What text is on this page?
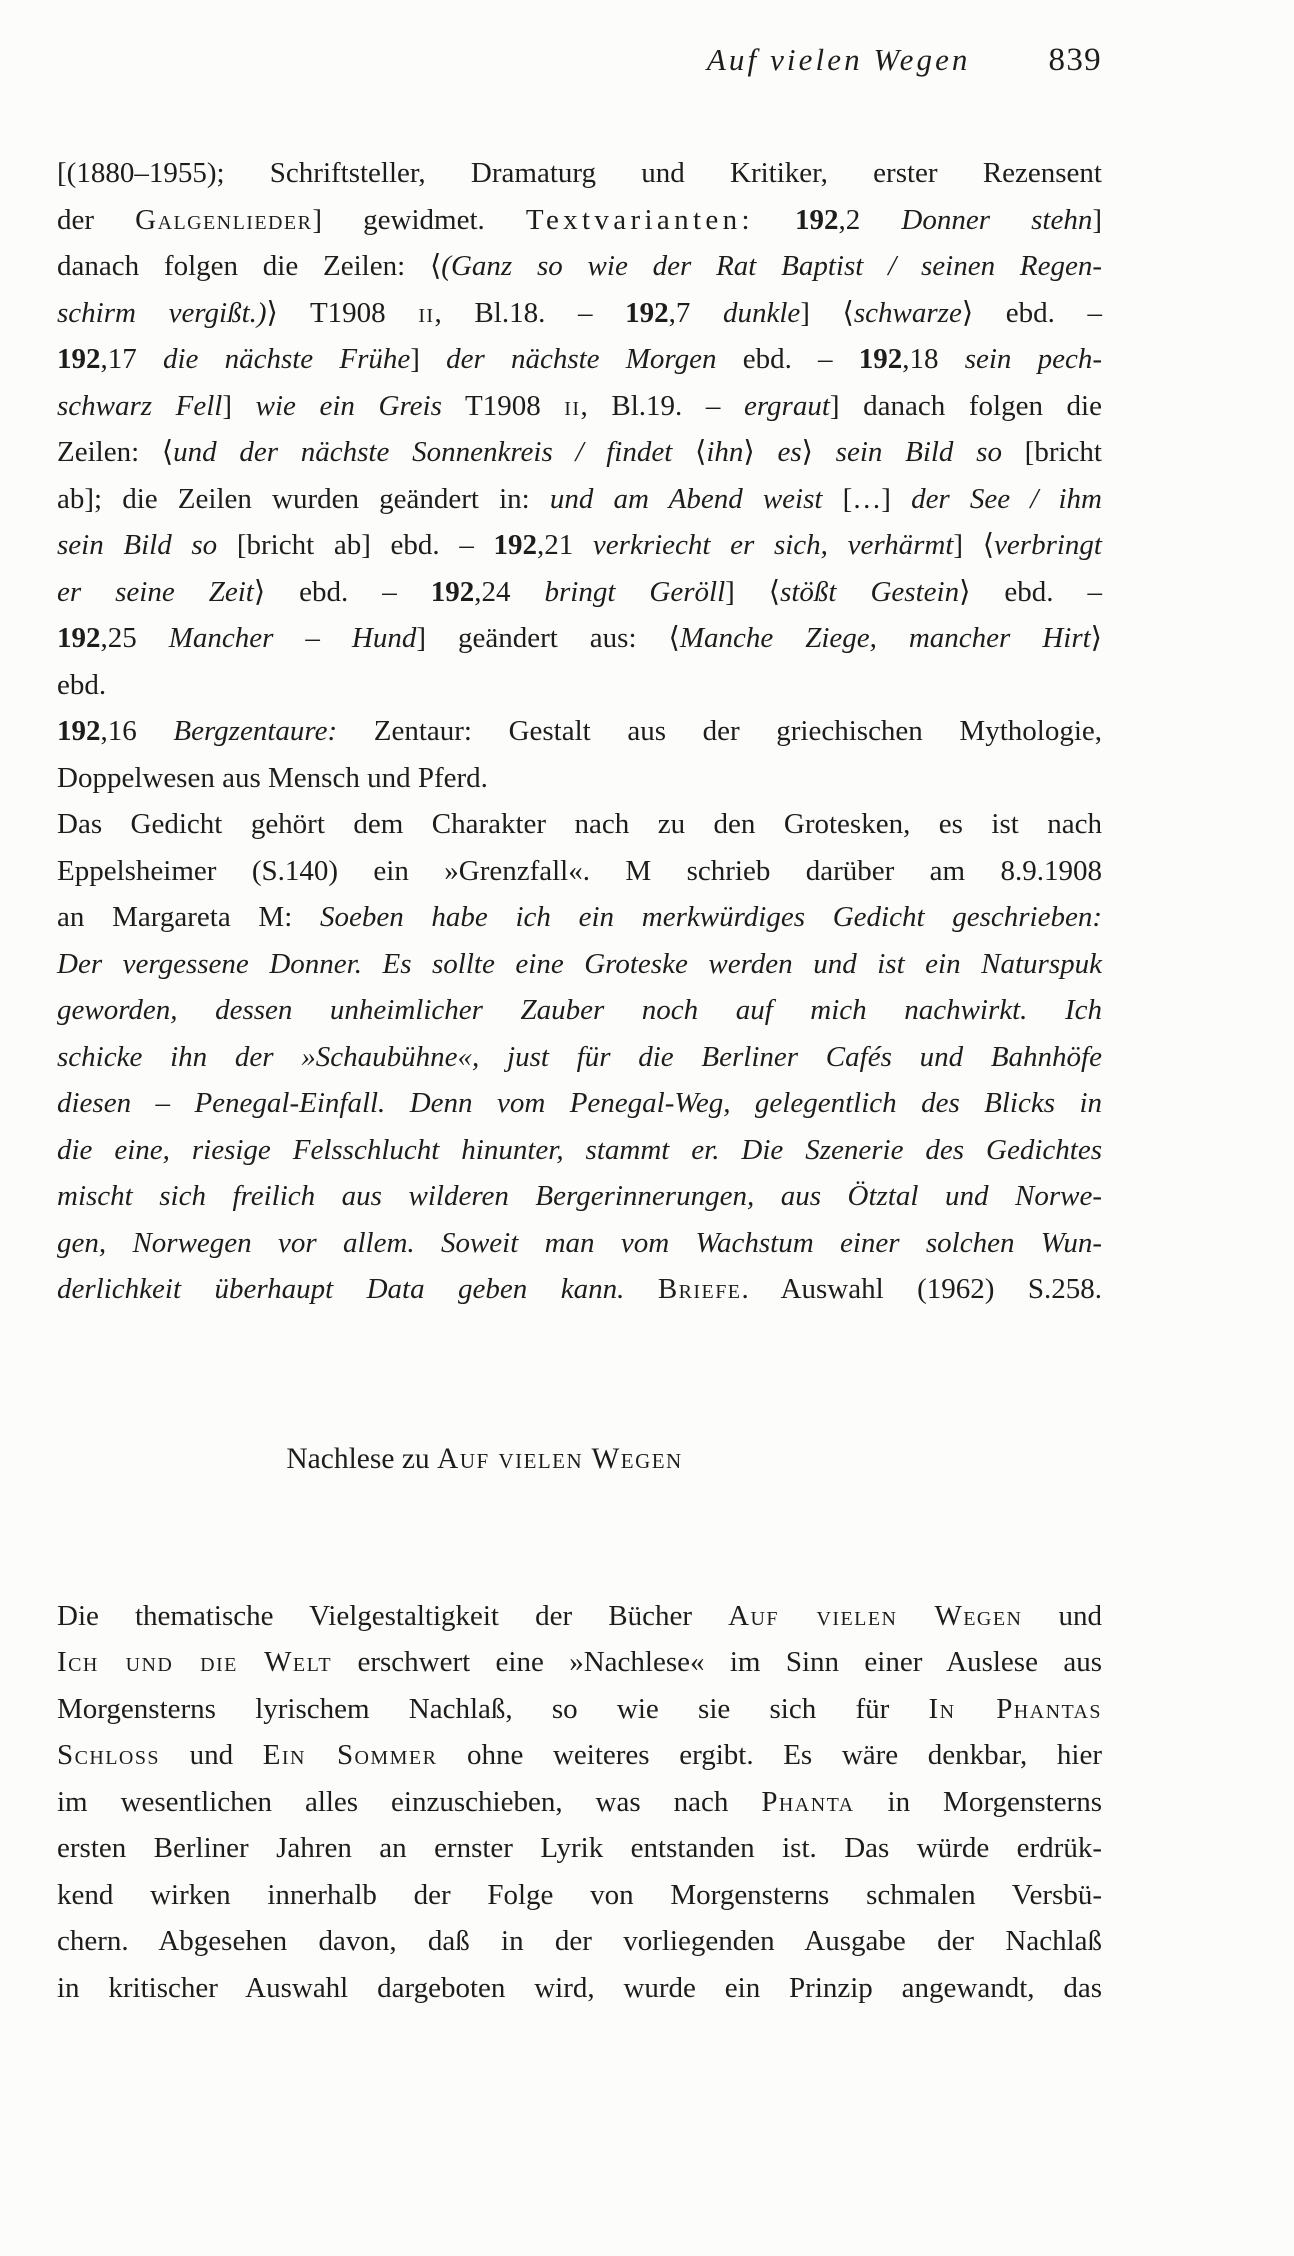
Auf vielen Wegen 839
[(1880–1955); Schriftsteller, Dramaturg und Kritiker, erster Rezensent
der Galgenlieder] gewidmet. Textvarianten: 192,2 Donner stehn]
danach folgen die Zeilen: ⟨(Ganz so wie der Rat Baptist / seinen Regen-
schirm vergißt.)⟩ T1908 ii, Bl.18. – 192,7 dunkle] ⟨schwarze⟩ ebd. –
192,17 die nächste Frühe] der nächste Morgen ebd. – 192,18 sein pech-
schwarz Fell] wie ein Greis T1908 ii, Bl.19. – ergraut] danach folgen die
Zeilen: ⟨und der nächste Sonnenkreis / findet ⟨ihn⟩ es⟩ sein Bild so [bricht
ab]; die Zeilen wurden geändert in: und am Abend weist […] der See / ihm
sein Bild so [bricht ab] ebd. – 192,21 verkriecht er sich, verhärmt] ⟨verbringt
er seine Zeit⟩ ebd. – 192,24 bringt Geröll] ⟨stößt Gestein⟩ ebd. –
192,25 Mancher – Hund] geändert aus: ⟨Manche Ziege, mancher Hirt⟩
ebd.
192,16 Bergzentaure: Zentaur: Gestalt aus der griechischen Mythologie,
Doppelwesen aus Mensch und Pferd.
Das Gedicht gehört dem Charakter nach zu den Grotesken, es ist nach
Eppelsheimer (S.140) ein »Grenzfall«. M schrieb darüber am 8.9.1908
an Margareta M: Soeben habe ich ein merkwürdiges Gedicht geschrieben:
Der vergessene Donner. Es sollte eine Groteske werden und ist ein Naturspuk
geworden, dessen unheimlicher Zauber noch auf mich nachwirkt. Ich
schicke ihn der »Schaubühne«, just für die Berliner Cafés und Bahnhöfe
diesen – Penegal-Einfall. Denn vom Penegal-Weg, gelegentlich des Blicks in
die eine, riesige Felsschlucht hinunter, stammt er. Die Szenerie des Gedichtes
mischt sich freilich aus wilderen Bergerinnerungen, aus Ötztal und Norwe-
gen, Norwegen vor allem. Soweit man vom Wachstum einer solchen Wun-
derlichkeit überhaupt Data geben kann. Briefe. Auswahl (1962) S.258.
Nachlese zu Auf vielen Wegen
Die thematische Vielgestaltigkeit der Bücher Auf vielen Wegen und
Ich und die Welt erschwert eine »Nachlese« im Sinn einer Auslese aus
Morgensterns lyrischem Nachlaß, so wie sie sich für In Phantas
Schloss und Ein Sommer ohne weiteres ergibt. Es wäre denkbar, hier
im wesentlichen alles einzuschieben, was nach Phanta in Morgensterns
ersten Berliner Jahren an ernster Lyrik entstanden ist. Das würde erdrük-
kend wirken innerhalb der Folge von Morgensterns schmalen Versbü-
chern. Abgesehen davon, daß in der vorliegenden Ausgabe der Nachlaß
in kritischer Auswahl dargeboten wird, wurde ein Prinzip angewandt, das
